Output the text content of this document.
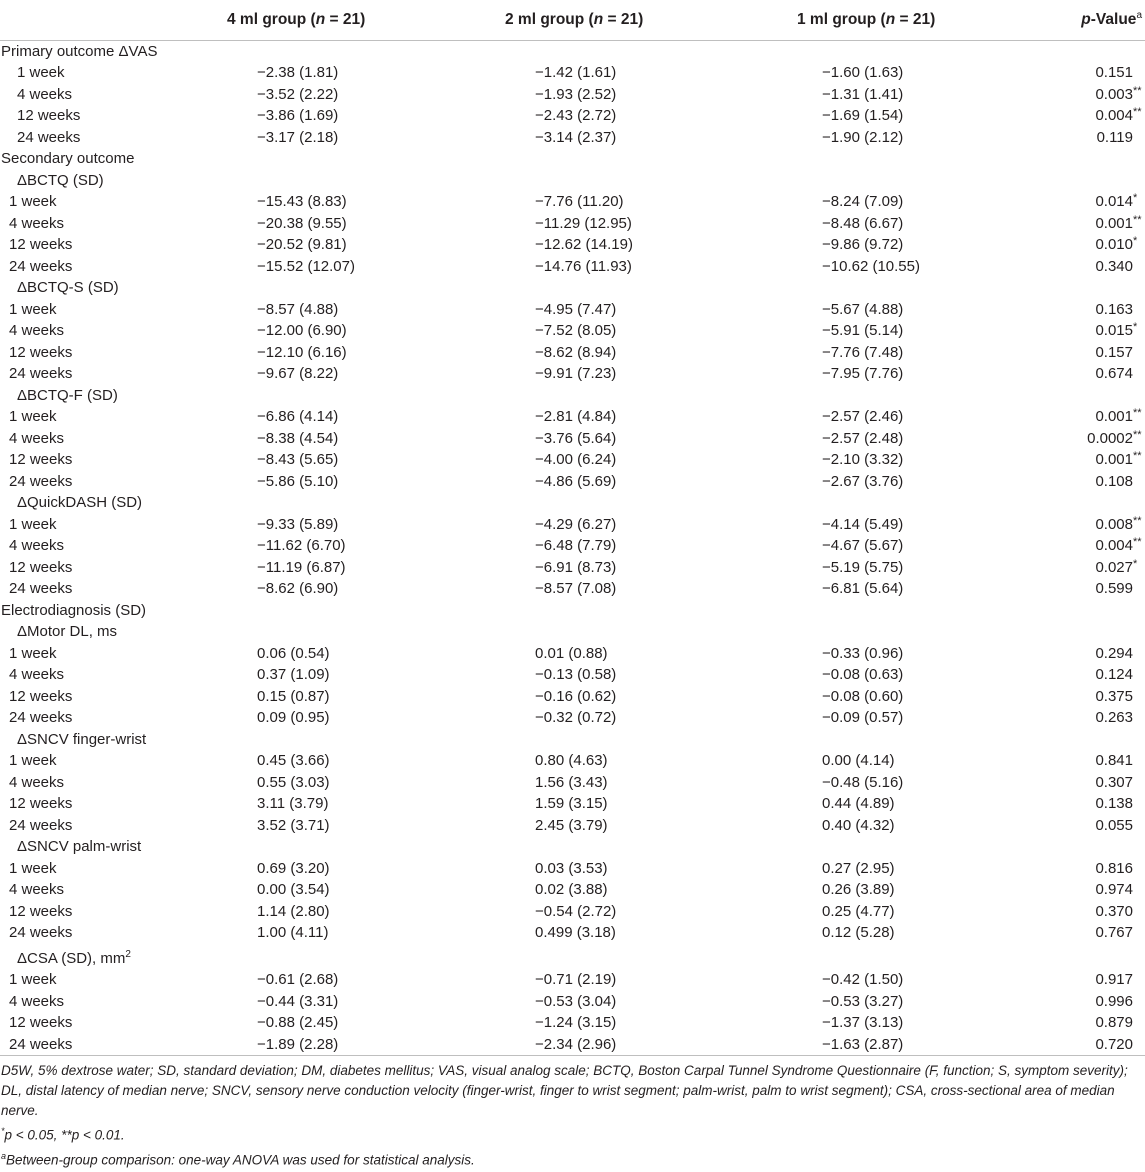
	4 ml group (n = 21)	2 ml group (n = 21)	1 ml group (n = 21)	p-Value$^a$
Primary outcome ΔVAS				
1 week	−2.38 (1.81)	−1.42 (1.61)	−1.60 (1.63)	0.151

4 weeks	−3.52 (2.22)	−1.93 (2.52)	−1.31 (1.41)	0.003 **

12 weeks	−3.86 (1.69)	−2.43 (2.72)	−1.69 (1.54)	0.004 **

24 weeks	−3.17 (2.18)	−3.14 (2.37)	−1.90 (2.12)	0.119

Secondary outcome				
ΔBCTQ (SD)				
1 week	−15.43 (8.83)	−7.76 (11.20)	−8.24 (7.09)	0.014 *

4 weeks	−20.38 (9.55)	−11.29 (12.95)	−8.48 (6.67)	0.001 **

12 weeks	−20.52 (9.81)	−12.62 (14.19)	−9.86 (9.72)	0.010 *

24 weeks	−15.52 (12.07)	−14.76 (11.93)	−10.62 (10.55)	0.340

ΔBCTQ-S (SD)				
1 week	−8.57 (4.88)	−4.95 (7.47)	−5.67 (4.88)	0.163

4 weeks	−12.00 (6.90)	−7.52 (8.05)	−5.91 (5.14)	0.015 *

12 weeks	−12.10 (6.16)	−8.62 (8.94)	−7.76 (7.48)	0.157

24 weeks	−9.67 (8.22)	−9.91 (7.23)	−7.95 (7.76)	0.674

ΔBCTQ-F (SD)				
1 week	−6.86 (4.14)	−2.81 (4.84)	−2.57 (2.46)	0.001 **

4 weeks	−8.38 (4.54)	−3.76 (5.64)	−2.57 (2.48)	0.0002 **

12 weeks	−8.43 (5.65)	−4.00 (6.24)	−2.10 (3.32)	0.001 **

24 weeks	−5.86 (5.10)	−4.86 (5.69)	−2.67 (3.76)	0.108

ΔQuickDASH (SD)				
1 week	−9.33 (5.89)	−4.29 (6.27)	−4.14 (5.49)	0.008 **

4 weeks	−11.62 (6.70)	−6.48 (7.79)	−4.67 (5.67)	0.004 **

12 weeks	−11.19 (6.87)	−6.91 (8.73)	−5.19 (5.75)	0.027 *

24 weeks	−8.62 (6.90)	−8.57 (7.08)	−6.81 (5.64)	0.599

Electrodiagnosis (SD)				
ΔMotor DL, ms				
1 week	0.06 (0.54)	0.01 (0.88)	−0.33 (0.96)	0.294

4 weeks	0.37 (1.09)	−0.13 (0.58)	−0.08 (0.63)	0.124

12 weeks	0.15 (0.87)	−0.16 (0.62)	−0.08 (0.60)	0.375

24 weeks	0.09 (0.95)	−0.32 (0.72)	−0.09 (0.57)	0.263

ΔSNCV finger-wrist				
1 week	0.45 (3.66)	0.80 (4.63)	0.00 (4.14)	0.841

4 weeks	0.55 (3.03)	1.56 (3.43)	−0.48 (5.16)	0.307

12 weeks	3.11 (3.79)	1.59 (3.15)	0.44 (4.89)	0.138

24 weeks	3.52 (3.71)	2.45 (3.79)	0.40 (4.32)	0.055

ΔSNCV palm-wrist				
1 week	0.69 (3.20)	0.03 (3.53)	0.27 (2.95)	0.816

4 weeks	0.00 (3.54)	0.02 (3.88)	0.26 (3.89)	0.974

12 weeks	1.14 (2.80)	−0.54 (2.72)	0.25 (4.77)	0.370

24 weeks	1.00 (4.11)	0.499 (3.18)	0.12 (5.28)	0.767

ΔCSA (SD), $mm^2$
1 week	−0.61 (2.68)	−0.71 (2.19)	−0.42 (1.50)	0.917

4 weeks	−0.44 (3.31)	−0.53 (3.04)	−0.53 (3.27)	0.996

12 weeks	−0.88 (2.45)	−1.24 (3.15)	−1.37 (3.13)	0.879

24 weeks	−1.89 (2.28)	−2.34 (2.96)	−1.63 (2.87)	0.720

D5W, 5% dextrose water; SD, standard deviation; DM, diabetes mellitus; VAS, visual analog scale; BCTQ, Boston Carpal Tunnel Syndrome Questionnaire (F, function; S, symptom severity); DL, distal latency of median nerve; SNCV, sensory nerve conduction velocity (finger-wrist, finger to wrist segment; palm-wrist, palm to wrist segment); CSA, cross-sectional area of median nerve.

*p < 0.05, **p < 0.01.

$^a$Between-group comparison: one-way ANOVA was used for statistical analysis.
